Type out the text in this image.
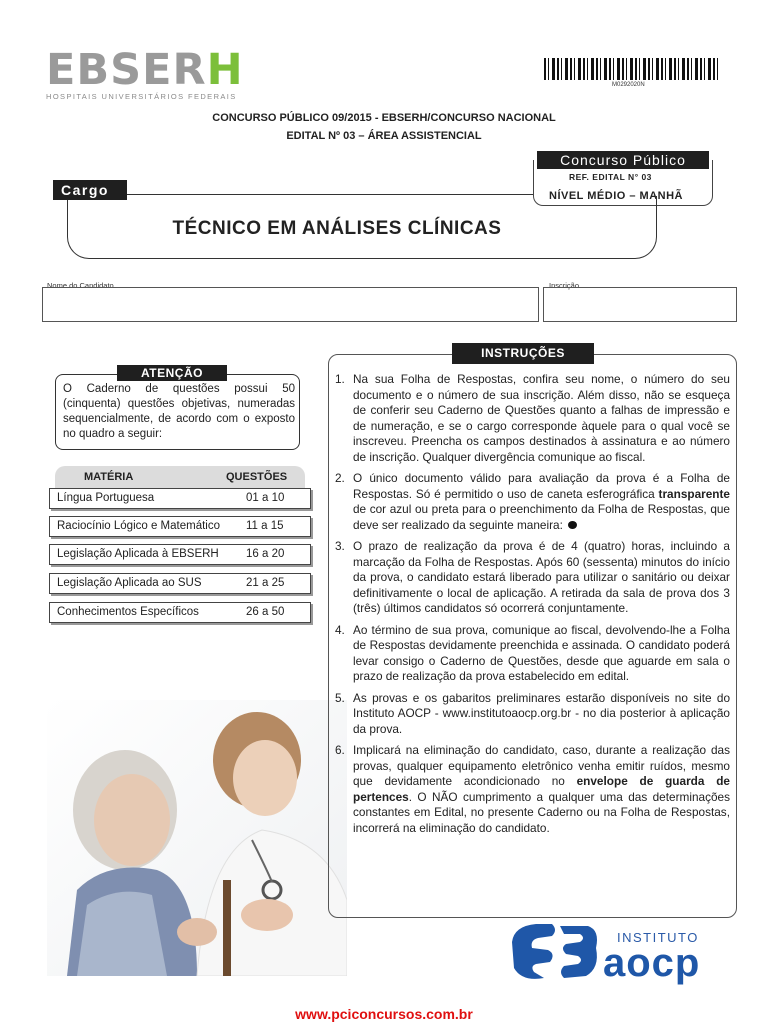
EBSERH
HOSPITAIS UNIVERSITÁRIOS FEDERAIS
M0292020N
CONCURSO PÚBLICO 09/2015 - EBSERH/CONCURSO NACIONAL
EDITAL Nº 03 – ÁREA ASSISTENCIAL
Concurso Público
REF. EDITAL N° 03
NÍVEL MÉDIO – MANHÃ
Cargo
TÉCNICO EM ANÁLISES CLÍNICAS
Nome do Candidato	Inscrição
ATENÇÃO
O Caderno de questões possui 50 (cinquenta) questões objetivas, numeradas sequencialmente, de acordo com o exposto no quadro a seguir:
MATÉRIA	QUESTÕES
Língua Portuguesa	01 a 10
Raciocínio Lógico e Matemático 11 a 15
Legislação Aplicada à EBSERH 16 a 20
Legislação Aplicada ao SUS	21 a 25
Conhecimentos Específicos	26 a 50
INSTRUÇÕES
1. Na sua Folha de Respostas, confira seu nome, o número do seu documento e o número de sua inscrição. Além disso, não se esqueça de conferir seu Caderno de Questões quanto a falhas de impressão e de numeração, e se o cargo corresponde àquele para o qual você se inscreveu. Preencha os campos destinados à assinatura e ao número de inscrição. Qualquer divergência comunique ao fiscal.
2. O único documento válido para avaliação da prova é a Folha de Respostas. Só é permitido o uso de caneta esferográfica transparente de cor azul ou preta para o preenchimento da Folha de Respostas, que deve ser realizado da seguinte maneira:
3. O prazo de realização da prova é de 4 (quatro) horas, incluindo a marcação da Folha de Respostas. Após 60 (sessenta) minutos do início da prova, o candidato estará liberado para utilizar o sanitário ou deixar definitivamente o local de aplicação. A retirada da sala de prova dos 3 (três) últimos candidatos só ocorrerá conjuntamente.
4. Ao término de sua prova, comunique ao fiscal, devolvendo-lhe a Folha de Respostas devidamente preenchida e assinada. O candidato poderá levar consigo o Caderno de Questões, desde que aguarde em sala o prazo de realização da prova estabelecido em edital.
5. As provas e os gabaritos preliminares estarão disponíveis no site do Instituto AOCP - www.institutoaocp.org.br - no dia posterior à aplicação da prova.
6. Implicará na eliminação do candidato, caso, durante a realização das provas, qualquer equipamento eletrônico venha emitir ruídos, mesmo que devidamente acondicionado no envelope de guarda de pertences. O NÃO cumprimento a qualquer uma das determinações constantes em Edital, no presente Caderno ou na Folha de Respostas, incorrerá na eliminação do candidato.
INSTITUTO
aocp
www.pciconcursos.com.br
